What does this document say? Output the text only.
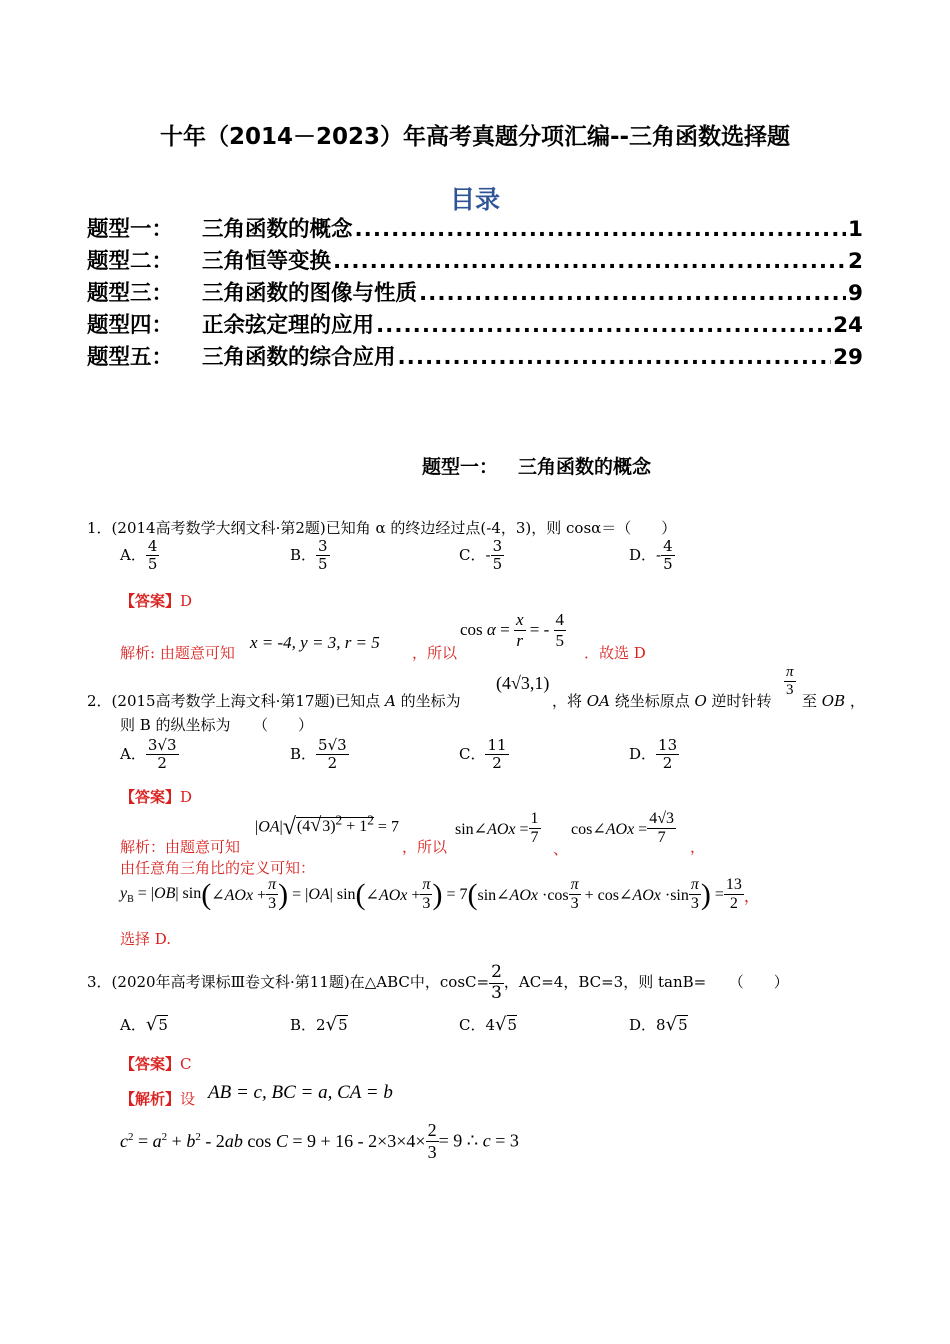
十年（2014－2023）年高考真题分项汇编--三角函数选择题
目录
题型一：	三角函数的概念 .....	1
题型二：	三角恒等变换 .....	2
题型三：	三角函数的图像与性质 .....	9
题型四：	正余弦定理的应用 .....	24
题型五：	三角函数的综合应用 .....	29
题型一： 三角函数的概念
1．(2014高考数学大纲文科·第2题)已知角 α 的终边经过点(-4，3)，则 cosα＝（　　）
A． $\frac{4}{5}$	B． $\frac{3}{5}$	C．- $\frac{3}{5}$	D．- $\frac{4}{5}$
【答案】D
解析: 由题意可知
x = -4, y = 3, r = 5
，所以
$\cos \alpha = \frac{x}{r}$ = - $\frac{4}{5}$
．故选 D
2．(2015高考数学上海文科·第17题)已知点 A 的坐标为
(4√3,1)
，将 OA 绕坐标原点 O 逆时针转
$\frac{\pi}{3}$
至 OB ，
则 B 的纵坐标为　　（　　）
A． $\frac{3√3}{2}$	B． $\frac{5√3}{2}$	C． $\frac{11}{2}$	D． $\frac{13}{2}$
【答案】D
解析：由题意可知
$|OA|√(4√3)^2 + 1^2 = 7$
，所以
sin∠AOx = $\frac{1}{7}$
、
cos∠AOx = $\frac{4√3}{7}$ ，
由任意角三角比的定义可知：
$y_B = |OB|$ sin(∠AOx + $\frac{\pi}{3}$ ) = |OA| sin(∠AOx + $\frac{\pi}{3}$ ) = 7(sin∠AOx $\cdot\cos \frac{\pi}{3}$ + cos∠AOx $\cdot\sin \frac{\pi}{3}$ ) = $\frac{13}{2}$ ，
选择 D.
3．(2020年高考课标Ⅲ卷文科·第11题)在△ABC中，$\cos C= \frac{2}{3}$ ，AC=4，BC=3，则 tanB=　　（　　）
A．√5	B．2√5	C．4√5	D．8√5
【答案】C
【解析】设 AB = c, BC = a, CA = b
$c^2 = a^2 + b^2 - 2ab$ $\cos C = 9 + 16 - 2\times 3\times 4\times \frac{2}{3} = 9$ ∴ c = 3
